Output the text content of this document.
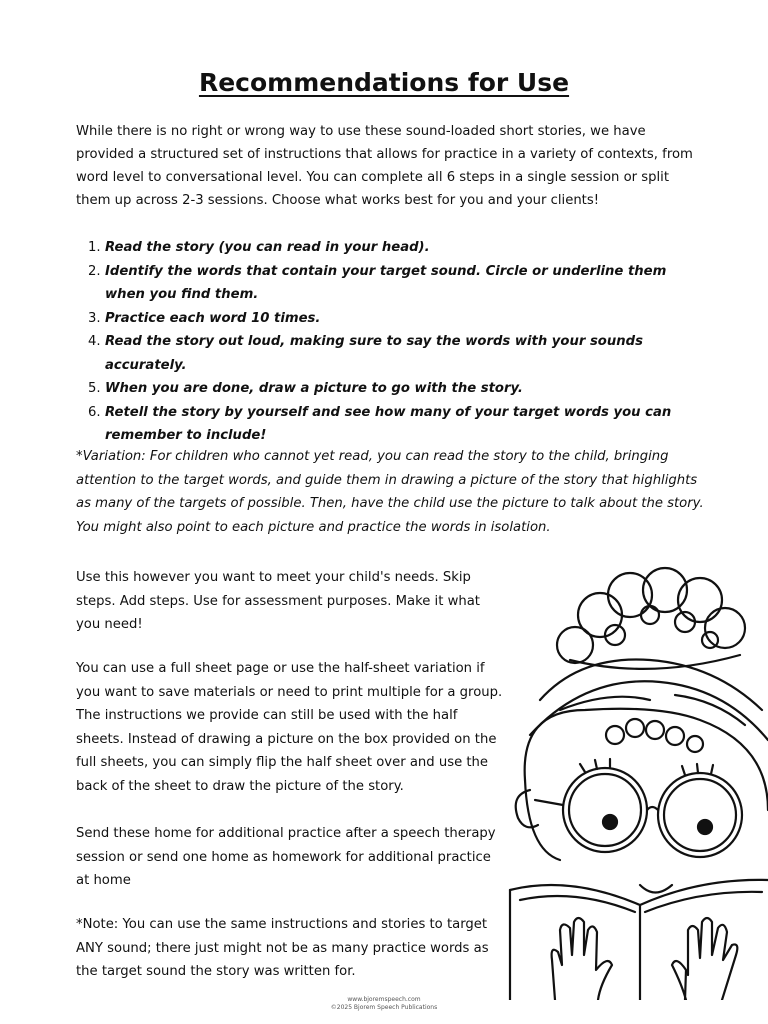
Recommendations for Use

While there is no right or wrong way to use these sound-loaded short stories, we have provided a structured set of instructions that allows for practice in a variety of contexts, from word level to conversational level. You can complete all 6 steps in a single session or split them up across 2-3 sessions. Choose what works best for you and your clients!

1. Read the story (you can read in your head).
2. Identify the words that contain your target sound. Circle or underline them when you find them.
3. Practice each word 10 times.
4. Read the story out loud, making sure to say the words with your sounds accurately.
5. When you are done, draw a picture to go with the story.
6. Retell the story by yourself and see how many of your target words you can remember to include!

*Variation: For children who cannot yet read, you can read the story to the child, bringing attention to the target words, and guide them in drawing a picture of the story that highlights as many of the targets of possible. Then, have the child use the picture to talk about the story. You might also point to each picture and practice the words in isolation.

Use this however you want to meet your child's needs. Skip steps. Add steps. Use for assessment purposes. Make it what you need!

You can use a full sheet page or use the half-sheet variation if you want to save materials or need to print multiple for a group. The instructions we provide can still be used with the half sheets. Instead of drawing a picture on the box provided on the full sheets, you can simply flip the half sheet over and use the back of the sheet to draw the picture of the story.

Send these home for additional practice after a speech therapy session or send one home as homework for additional practice at home

*Note: You can use the same instructions and stories to target ANY sound; there just might not be as many practice words as the target sound the story was written for.

www.bjoremspeech.com
©2025 Bjorem Speech Publications
